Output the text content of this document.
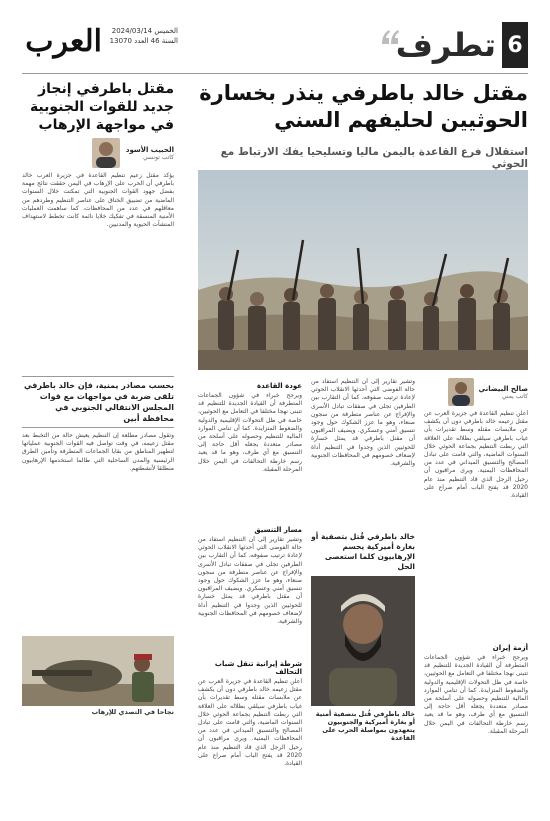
6
تطرف
العرب	الخميس 2024/03/14
السنة 46 العدد 13070
مقتل خالد باطرفي ينذر بخسارة
الحوثيين لحليفهم السني
استقلال فرع القاعدة باليمن ماليا وتسليحيا يفك الارتباط مع الحوثي
مقتل باطرفي إنجاز جديد للقوات الجنوبية في مواجهة الإرهاب
الحبيب الأسود
كاتب تونسي
يؤكد مقتل زعيم تنظيم القاعدة في جزيرة العرب خالد باطرفي أن الحرب على الإرهاب في اليمن حققت نتائج مهمة بفضل جهود القوات الجنوبية التي تمكنت خلال السنوات الماضية من تضييق الخناق على عناصر التنظيم وطردهم من معاقلهم في عدد من المحافظات، كما ساهمت العمليات الأمنية المنسقة في تفكيك خلايا نائمة كانت تخطط لاستهداف المنشآت الحيوية والمدنيين.
بحسب مصادر يمنية، فإن خالد باطرفي تلقى ضربة في مواجهات مع قوات المجلس الانتقالي الجنوبي في محافظة أبين
وتقول مصادر مطلعة إن التنظيم يعيش حالة من التخبط بعد مقتل زعيمه، في وقت تواصل فيه القوات الجنوبية عملياتها لتطهير المناطق من بقايا الجماعات المتطرفة وتأمين الطرق الرئيسية والمدن الساحلية التي طالما استخدمها الإرهابيون منطلقا لأنشطتهم.
نجاحا في التصدي للإرهاب
صالح البيضاني
كاتب يمني
أعلن تنظيم القاعدة في جزيرة العرب عن مقتل زعيمه خالد باطرفي دون أن يكشف عن ملابسات مقتله وسط تقديرات بأن غياب باطرفي سيلقي بظلاله على العلاقة التي ربطت التنظيم بجماعة الحوثي خلال السنوات الماضية، والتي قامت على تبادل المصالح والتنسيق الميداني في عدد من المحافظات اليمنية. ويرى مراقبون أن رحيل الرجل الذي قاد التنظيم منذ عام 2020 قد يفتح الباب أمام صراع على القيادة.
أزمة إيران
ويرجح خبراء في شؤون الجماعات المتطرفة أن القيادة الجديدة للتنظيم قد تتبنى نهجا مختلفا في التعامل مع الحوثيين، خاصة في ظل التحولات الإقليمية والدولية والضغوط المتزايدة. كما أن تنامي الموارد المالية للتنظيم وحصوله على أسلحة من مصادر متعددة يجعله أقل حاجة إلى التنسيق مع أي طرف، وهو ما قد يعيد رسم خارطة التحالفات في اليمن خلال المرحلة المقبلة.
وتشير تقارير إلى أن التنظيم استفاد من حالة الفوضى التي أحدثها الانقلاب الحوثي لإعادة ترتيب صفوفه، كما أن التقارب بين الطرفين تجلى في صفقات تبادل الأسرى والإفراج عن عناصر متطرفة من سجون صنعاء، وهو ما عزز الشكوك حول وجود تنسيق أمني وعسكري. ويضيف المراقبون أن مقتل باطرفي قد يمثل خسارة للحوثيين الذين وجدوا في التنظيم أداة لإضعاف خصومهم في المحافظات الجنوبية والشرقية.
خالد باطرفي قُتل بتصفية أو بغارة أميركية يحسم الإرهابيون كلما استعصى الحل
خالد باطرفي قُتل بتصفية أمنية أو بغارة أميركية والجنوبيون يتعهدون بمواصلة الحرب على القاعدة
عودة القاعدة
ويرجح خبراء في شؤون الجماعات المتطرفة أن القيادة الجديدة للتنظيم قد تتبنى نهجا مختلفا في التعامل مع الحوثيين، خاصة في ظل التحولات الإقليمية والدولية والضغوط المتزايدة. كما أن تنامي الموارد المالية للتنظيم وحصوله على أسلحة من مصادر متعددة يجعله أقل حاجة إلى التنسيق مع أي طرف، وهو ما قد يعيد رسم خارطة التحالفات في اليمن خلال المرحلة المقبلة.
مسار التنسيق
وتشير تقارير إلى أن التنظيم استفاد من حالة الفوضى التي أحدثها الانقلاب الحوثي لإعادة ترتيب صفوفه، كما أن التقارب بين الطرفين تجلى في صفقات تبادل الأسرى والإفراج عن عناصر متطرفة من سجون صنعاء، وهو ما عزز الشكوك حول وجود تنسيق أمني وعسكري. ويضيف المراقبون أن مقتل باطرفي قد يمثل خسارة للحوثيين الذين وجدوا في التنظيم أداة لإضعاف خصومهم في المحافظات الجنوبية والشرقية.
شرطة إيرانية تنقل شباب التحالف
أعلن تنظيم القاعدة في جزيرة العرب عن مقتل زعيمه خالد باطرفي دون أن يكشف عن ملابسات مقتله وسط تقديرات بأن غياب باطرفي سيلقي بظلاله على العلاقة التي ربطت التنظيم بجماعة الحوثي خلال السنوات الماضية، والتي قامت على تبادل المصالح والتنسيق الميداني في عدد من المحافظات اليمنية. ويرى مراقبون أن رحيل الرجل الذي قاد التنظيم منذ عام 2020 قد يفتح الباب أمام صراع على القيادة.
